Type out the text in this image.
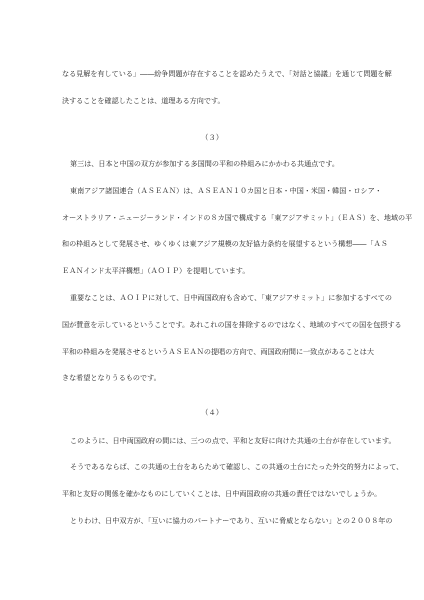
なる見解を有している」――紛争問題が存在することを認めたうえで、「対話と協議」を通じて問題を解
決することを確認したことは、道理ある方向です。
（３）
第三は、日本と中国の双方が参加する多国間の平和の枠組みにかかわる共通点です。
東南アジア諸国連合（ＡＳＥＡＮ）は、ＡＳＥＡＮ１０カ国と日本・中国・米国・韓国・ロシア・
オーストラリア・ニュージーランド・インドの８カ国で構成する「東アジアサミット」（ＥＡＳ）を、地域の平
和の枠組みとして発展させ、ゆくゆくは東アジア規模の友好協力条約を展望するという構想――「ＡＳ
ＥＡＮインド太平洋構想」（ＡＯＩＰ）を提唱しています。
重要なことは、ＡＯＩＰに対して、日中両国政府も含めて、「東アジアサミット」に参加するすべての
国が賛意を示しているということです。あれこれの国を排除するのではなく、地域のすべての国を包摂する
平和の枠組みを発展させるというＡＳＥＡＮの提唱の方向で、両国政府間に一致点があることは大
きな希望となりうるものです。
（４）
このように、日中両国政府の間には、三つの点で、平和と友好に向けた共通の土台が存在しています。
そうであるならば、この共通の土台をあらためて確認し、この共通の土台にたった外交的努力によって、
平和と友好の関係を確かなものにしていくことは、日中両国政府の共通の責任ではないでしょうか。
とりわけ、日中双方が、「互いに協力のパートナーであり、互いに脅威とならない」との２００８年の
